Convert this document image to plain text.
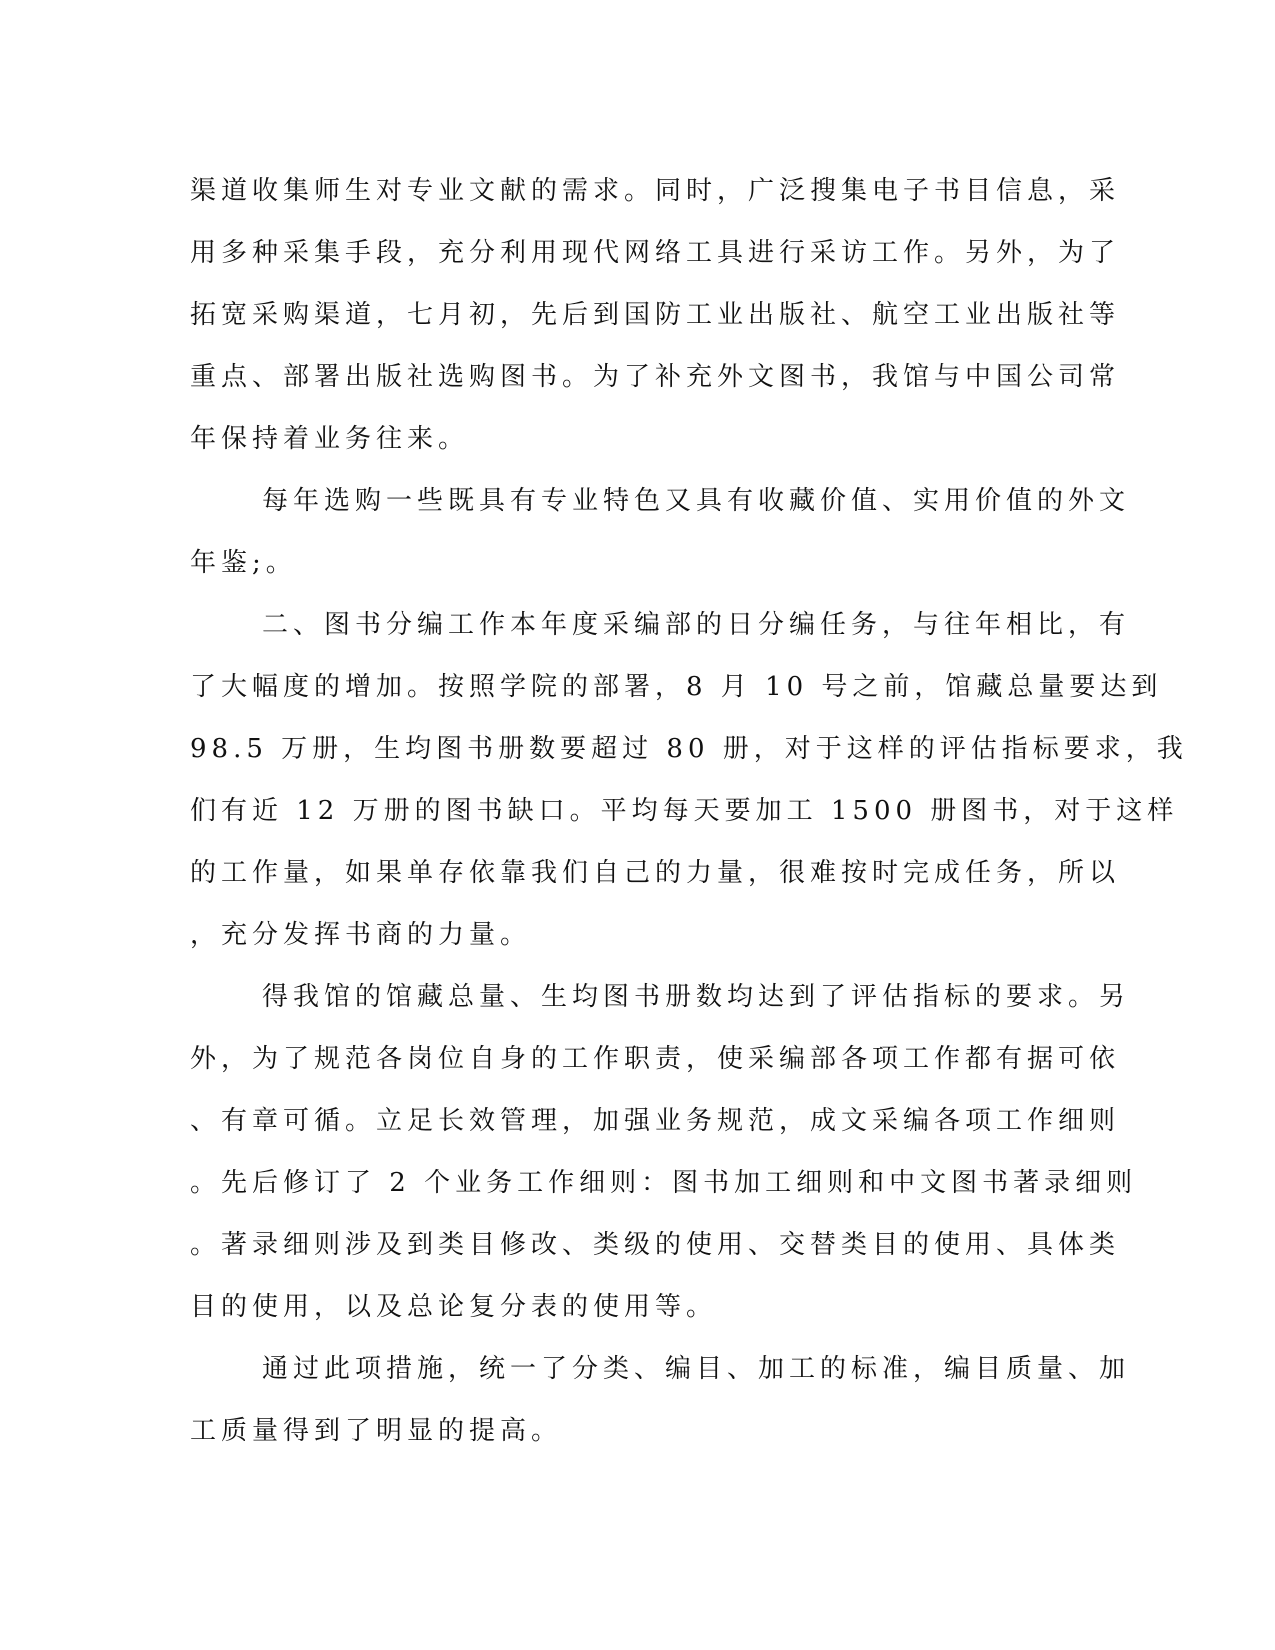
渠道收集师生对专业文献的需求。同时，广泛搜集电子书目信息，采
用多种采集手段，充分利用现代网络工具进行采访工作。另外，为了
拓宽采购渠道，七月初，先后到国防工业出版社、航空工业出版社等
重点、部署出版社选购图书。为了补充外文图书，我馆与中国公司常
年保持着业务往来。
每年选购一些既具有专业特色又具有收藏价值、实用价值的外文
年鉴;。
二、图书分编工作本年度采编部的日分编任务，与往年相比，有
了大幅度的增加。按照学院的部署，8 月 10 号之前，馆藏总量要达到
98.5 万册，生均图书册数要超过 80 册，对于这样的评估指标要求，我
们有近 12 万册的图书缺口。平均每天要加工 1500 册图书，对于这样
的工作量，如果单存依靠我们自己的力量，很难按时完成任务，所以
，充分发挥书商的力量。
得我馆的馆藏总量、生均图书册数均达到了评估指标的要求。另
外，为了规范各岗位自身的工作职责，使采编部各项工作都有据可依
、有章可循。立足长效管理，加强业务规范，成文采编各项工作细则
。先后修订了 2 个业务工作细则：图书加工细则和中文图书著录细则
。著录细则涉及到类目修改、类级的使用、交替类目的使用、具体类
目的使用，以及总论复分表的使用等。
通过此项措施，统一了分类、编目、加工的标准，编目质量、加
工质量得到了明显的提高。
